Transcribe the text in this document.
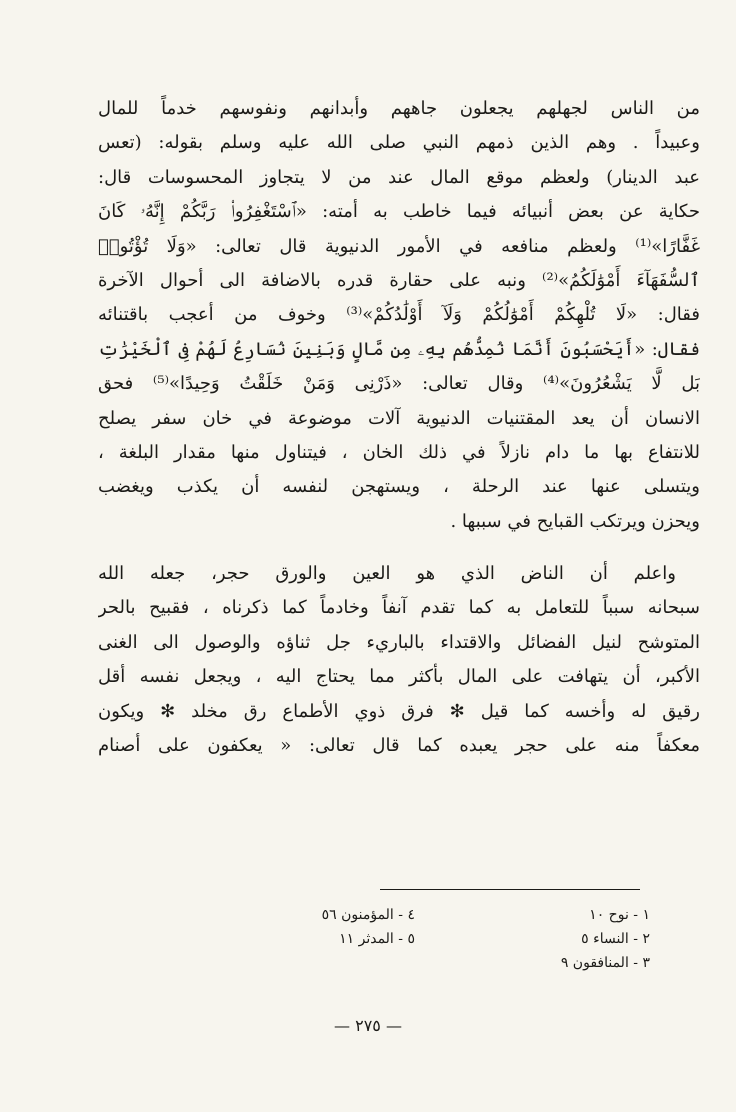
من الناس لجهلهم يجعلون جاههم وأبدانهم ونفوسهم خدماً للمال
وعبيداً . وهم الذين ذمهم النبي صلى الله عليه وسلم بقوله: (تعس
عبد الدينار) ولعظم موقع المال عند من لا يتجاوز المحسوسات قال:
حكاية عن بعض أنبيائه فيما خاطب به أمته: «ٱسْتَغْفِرُوا۟ رَبَّكُمْ إِنَّهُۥ كَانَ
غَفَّارًا»⁽¹⁾ ولعظم منافعه في الأمور الدنيوية قال تعالى: «وَلَا تُؤْتُوا۟
ٱلسُّفَهَآءَ أَمْوَٰلَكُمُ»⁽²⁾ ونبه على حقارة قدره بالاضافة الى أحوال الآخرة
فقال: «لَا تُلْهِكُمْ أَمْوَٰلُكُمْ وَلَآ أَوْلَٰدُكُمْ»⁽³⁾ وخوف من أعجب باقتنائه
فقال: «أَيَحْسَبُونَ أَنَّمَا نُمِدُّهُم بِهِۦ مِن مَّالٍ وَبَنِينَ نُسَارِعُ لَهُمْ فِى ٱلْخَيْرَٰتِ
بَل لَّا يَشْعُرُونَ»⁽⁴⁾ وقال تعالى: «ذَرْنِى وَمَنْ خَلَقْتُ وَحِيدًا»⁽⁵⁾ فحق
الانسان أن يعد المقتنيات الدنيوية آلات موضوعة في خان سفر يصلح
للانتفاع بها ما دام نازلاً في ذلك الخان ، فيتناول منها مقدار البلغة ،
ويتسلى عنها عند الرحلة ، ويستهجن لنفسه أن يكذب ويغضب
ويحزن ويرتكب القبايح في سببها .
واعلم أن الناض الذي هو العين والورق حجر، جعله الله
سبحانه سبباً للتعامل به كما تقدم آنفاً وخادماً كما ذكرناه ، فقبيح بالحر
المتوشح لنيل الفضائل والاقتداء بالباريء جل ثناؤه والوصول الى الغنى
الأكبر، أن يتهافت على المال بأكثر مما يحتاج اليه ، ويجعل نفسه أقل
رقيق له وأخسه كما قيل ✻ فرق ذوي الأطماع رق مخلد ✻ ويكون
معكفاً منه على حجر يعبده كما قال تعالى: « يعكفون على أصنام
١ - نوح ١٠
٤ - المؤمنون ٥٦
٢ - النساء ٥
٥ - المدثر ١١
٣ - المنافقون ٩
— ٢٧٥ —
